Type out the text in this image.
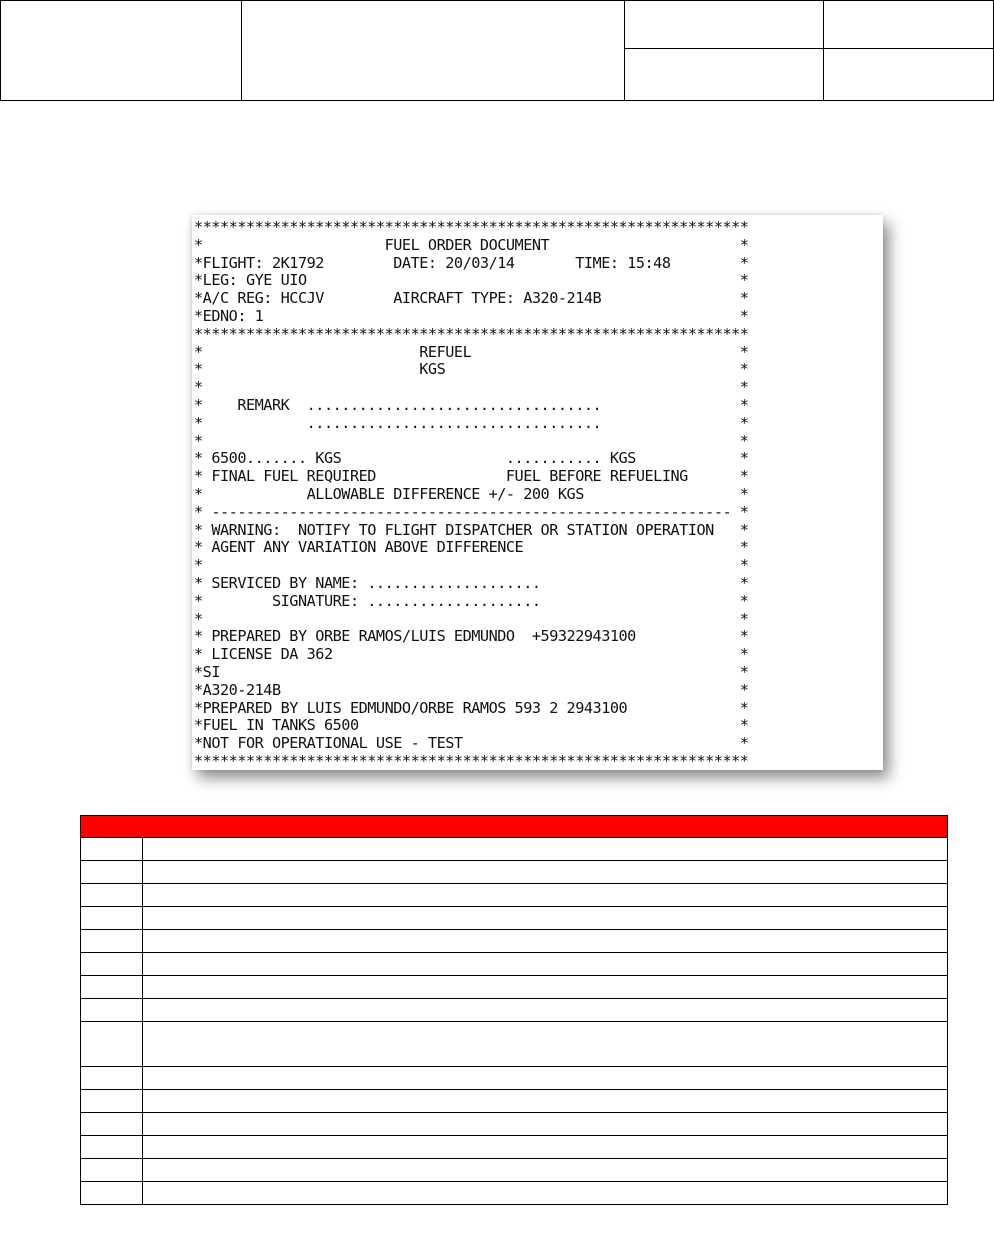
****************************************************************
*                     FUEL ORDER DOCUMENT                      *
*FLIGHT: 2K1792        DATE: 20/03/14       TIME: 15:48        *
*LEG: GYE UIO                                                  *
*A/C REG: HCCJV        AIRCRAFT TYPE: A320-214B                *
*EDNO: 1                                                       *
****************************************************************
*                         REFUEL                               *
*                         KGS                                  *
*                                                              *
*    REMARK  ..................................                *
*            ..................................                *
*                                                              *
* 6500....... KGS                   ........... KGS            *
* FINAL FUEL REQUIRED               FUEL BEFORE REFUELING      *
*            ALLOWABLE DIFFERENCE +/- 200 KGS                  *
* ------------------------------------------------------------ *
* WARNING:  NOTIFY TO FLIGHT DISPATCHER OR STATION OPERATION   *
* AGENT ANY VARIATION ABOVE DIFFERENCE                         *
*                                                              *
* SERVICED BY NAME: ....................                       *
*        SIGNATURE: ....................                       *
*                                                              *
* PREPARED BY ORBE RAMOS/LUIS EDMUNDO  +59322943100            *
* LICENSE DA 362                                               *
*SI                                                            *
*A320-214B                                                     *
*PREPARED BY LUIS EDMUNDO/ORBE RAMOS 593 2 2943100             *
*FUEL IN TANKS 6500                                            *
*NOT FOR OPERATIONAL USE - TEST                                *
****************************************************************
